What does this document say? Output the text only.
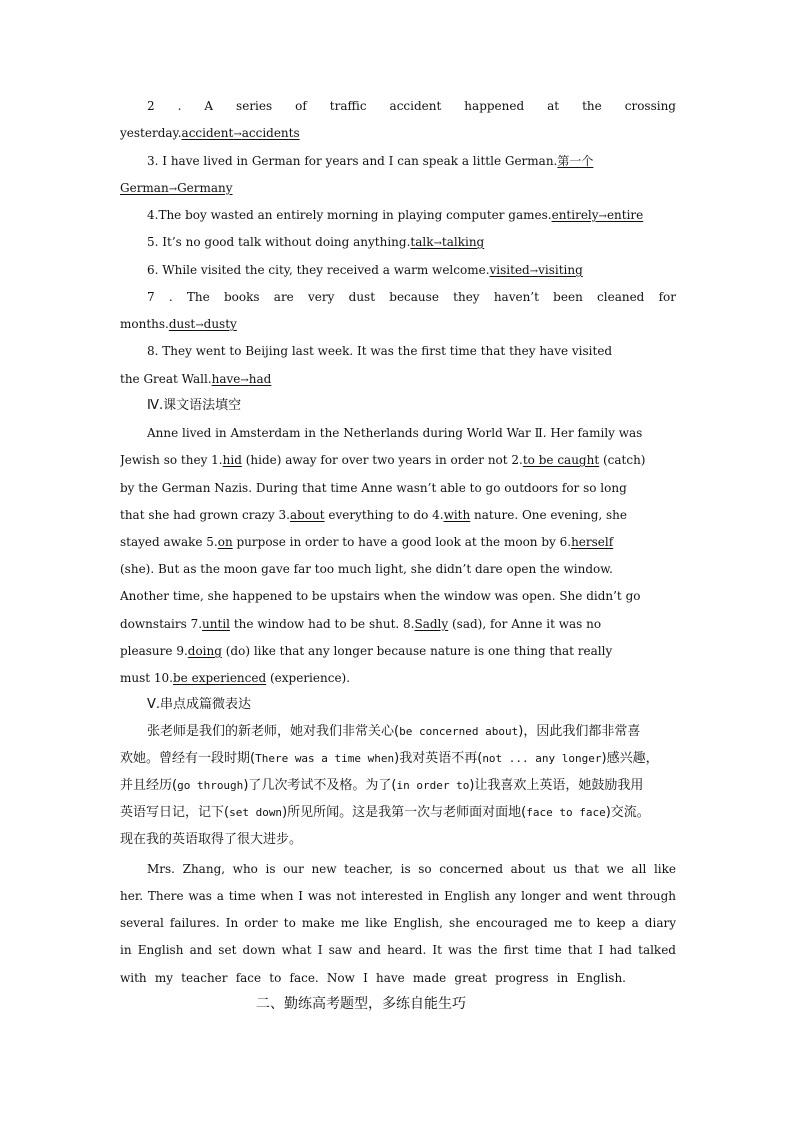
2 . A series of traffic accident happened at the crossing
yesterday.accident→accidents
3. I have lived in German for years and I can speak a little German.第一个
German→Germany
4.The boy wasted an entirely morning in playing computer games.entirely→entire
5. It’s no good talk without doing anything.talk→talking
6. While visited the city, they received a warm welcome.visited→visiting
7 . The books are very dust because they haven’t been cleaned for
months.dust→dusty
8. They went to Beijing last week. It was the first time that they have visited
the Great Wall.have→had
Ⅳ.课文语法填空
Anne lived in Amsterdam in the Netherlands during World War Ⅱ. Her family was
Jewish so they 1.hid (hide) away for over two years in order not 2.to be caught (catch)
by the German Nazis. During that time Anne wasn’t able to go outdoors for so long
that she had grown crazy 3.about everything to do 4.with nature. One evening, she
stayed awake 5.on purpose in order to have a good look at the moon by 6.herself
(she). But as the moon gave far too much light, she didn’t dare open the window.
Another time, she happened to be upstairs when the window was open. She didn’t go
downstairs 7.until the window had to be shut. 8.Sadly (sad), for Anne it was no
pleasure 9.doing (do) like that any longer because nature is one thing that really
must 10.be experienced (experience).
Ⅴ.串点成篇微表达
张老师是我们的新老师，她对我们非常关心(be concerned about)，因此我们都非常喜
欢她。曾经有一段时期(There was a time when)我对英语不再(not ... any longer)感兴趣，
并且经历(go through)了几次考试不及格。为了(in order to)让我喜欢上英语，她鼓励我用
英语写日记，记下(set down)所见所闻。这是我第一次与老师面对面地(face to face)交流。
现在我的英语取得了很大进步。
Mrs. Zhang, who is our new teacher, is so concerned about us that we all like
her. There was a time when I was not interested in English any longer and went through
several failures. In order to make me like English, she encouraged me to keep a diary
in English and set down what I saw and heard. It was the first time that I had talked
with my teacher face to face. Now I have made great progress in English.
二、勤练高考题型，多练自能生巧
